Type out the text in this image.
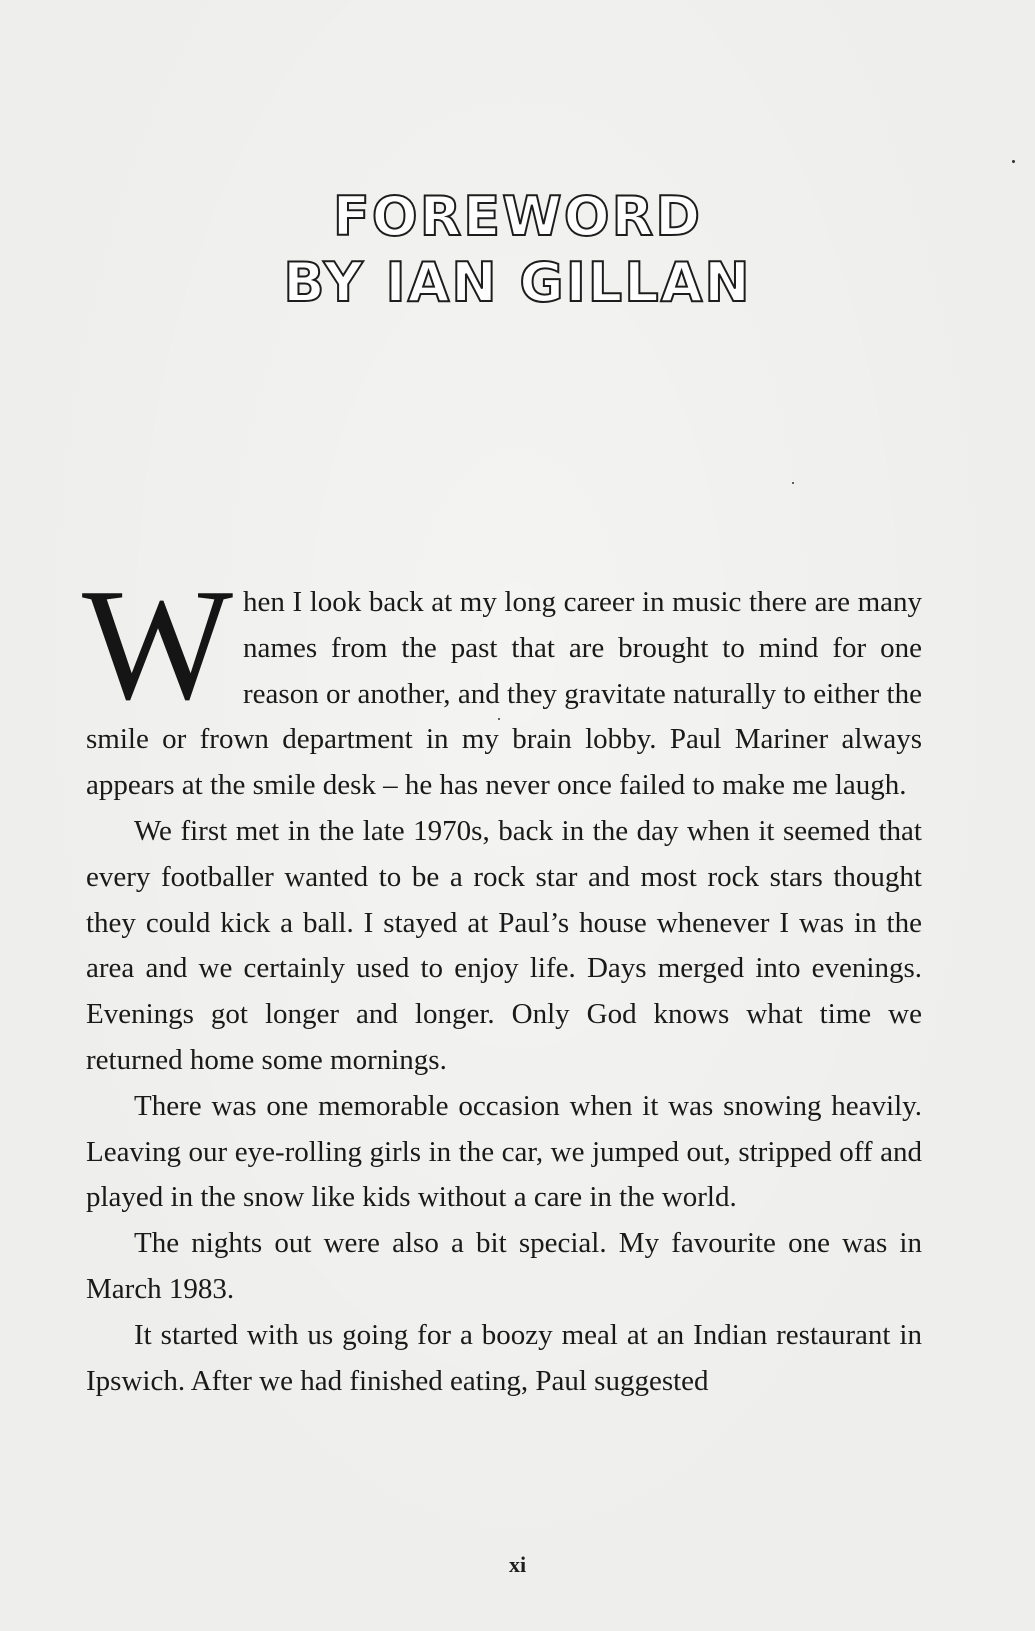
FOREWORD
BY IAN GILLAN

When I look back at my long career in music there are many names from the past that are brought to mind for one reason or another, and they gravitate naturally to either the smile or frown department in my brain lobby. Paul Mariner always appears at the smile desk – he has never once failed to make me laugh.

We first met in the late 1970s, back in the day when it seemed that every footballer wanted to be a rock star and most rock stars thought they could kick a ball. I stayed at Paul’s house whenever I was in the area and we certainly used to enjoy life. Days merged into evenings. Evenings got longer and longer. Only God knows what time we returned home some mornings.

There was one memorable occasion when it was snowing heavily. Leaving our eye-rolling girls in the car, we jumped out, stripped off and played in the snow like kids without a care in the world.

The nights out were also a bit special. My favourite one was in March 1983.

It started with us going for a boozy meal at an Indian restaurant in Ipswich. After we had finished eating, Paul suggested

xi
